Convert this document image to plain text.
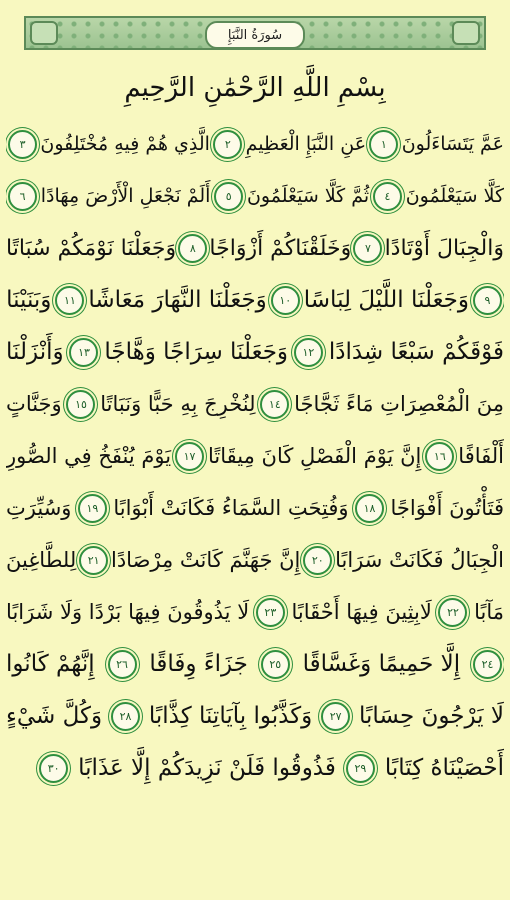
سُورَةُ النَّبَإِ
بِسْمِ اللَّهِ الرَّحْمَٰنِ الرَّحِيمِ
عَمَّ يَتَسَاءَلُونَ
١
عَنِ النَّبَإِ الْعَظِيمِ
٢
الَّذِي هُمْ فِيهِ مُخْتَلِفُونَ
٣
كَلَّا سَيَعْلَمُونَ
٤
ثُمَّ كَلَّا سَيَعْلَمُونَ
٥
أَلَمْ نَجْعَلِ الْأَرْضَ مِهَادًا
٦
وَالْجِبَالَ أَوْتَادًا
٧
وَخَلَقْنَاكُمْ أَزْوَاجًا
٨
وَجَعَلْنَا نَوْمَكُمْ سُبَاتًا
٩
وَجَعَلْنَا اللَّيْلَ لِبَاسًا
١٠
وَجَعَلْنَا النَّهَارَ مَعَاشًا
١١
وَبَنَيْنَا
فَوْقَكُمْ سَبْعًا شِدَادًا
١٢
وَجَعَلْنَا سِرَاجًا وَهَّاجًا
١٣
وَأَنْزَلْنَا
مِنَ الْمُعْصِرَاتِ مَاءً ثَجَّاجًا
١٤
لِنُخْرِجَ بِهِ حَبًّا وَنَبَاتًا
١٥
وَجَنَّاتٍ
أَلْفَافًا
١٦
إِنَّ يَوْمَ الْفَصْلِ كَانَ مِيقَاتًا
١٧
يَوْمَ يُنْفَخُ فِي الصُّورِ
فَتَأْتُونَ أَفْوَاجًا
١٨
وَفُتِحَتِ السَّمَاءُ فَكَانَتْ أَبْوَابًا
١٩
وَسُيِّرَتِ
الْجِبَالُ فَكَانَتْ سَرَابًا
٢٠
إِنَّ جَهَنَّمَ كَانَتْ مِرْصَادًا
٢١
لِلطَّاغِينَ
مَآبًا
٢٢
لَابِثِينَ فِيهَا أَحْقَابًا
٢٣
لَا يَذُوقُونَ فِيهَا بَرْدًا وَلَا شَرَابًا
٢٤
إِلَّا حَمِيمًا وَغَسَّاقًا
٢٥
جَزَاءً وِفَاقًا
٢٦
إِنَّهُمْ كَانُوا
لَا يَرْجُونَ حِسَابًا
٢٧
وَكَذَّبُوا بِآيَاتِنَا كِذَّابًا
٢٨
وَكُلَّ شَيْءٍ
أَحْصَيْنَاهُ كِتَابًا
٢٩
فَذُوقُوا فَلَنْ نَزِيدَكُمْ إِلَّا عَذَابًا
٣٠
